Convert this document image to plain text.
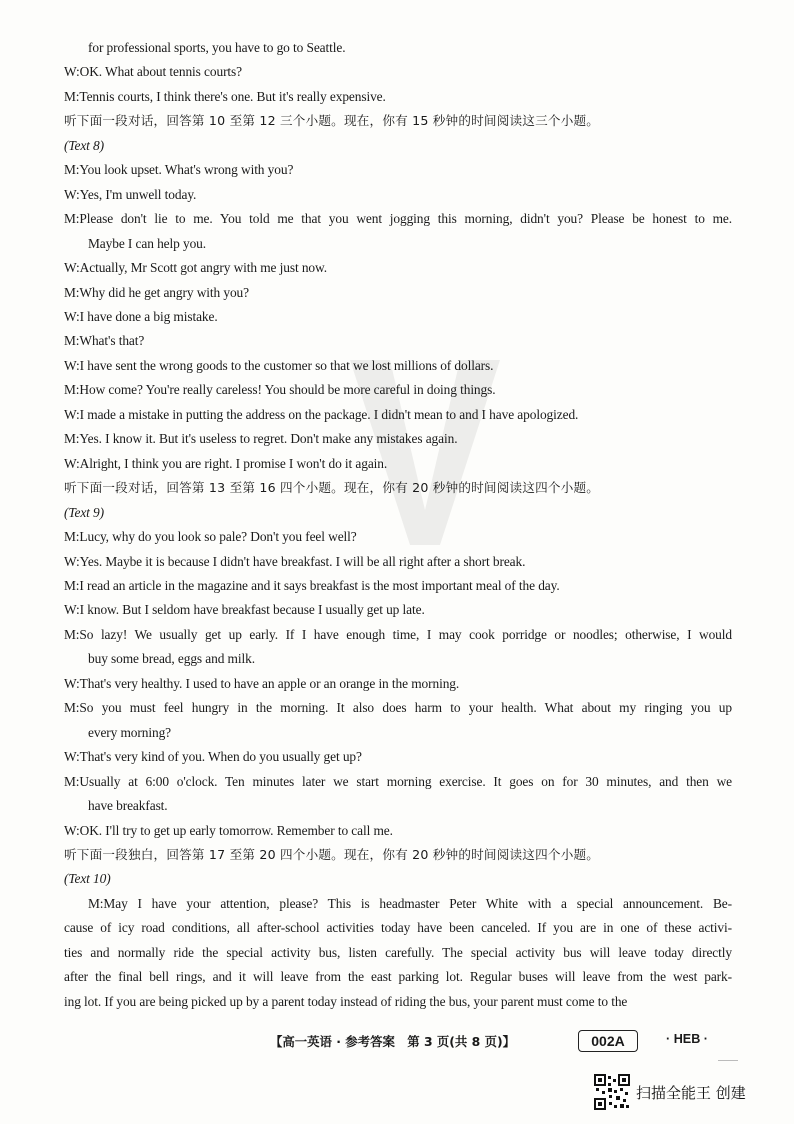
for professional sports, you have to go to Seattle.
W:OK. What about tennis courts?
M:Tennis courts, I think there's one. But it's really expensive.
听下面一段对话，回答第 10 至第 12 三个小题。现在，你有 15 秒钟的时间阅读这三个小题。
(Text 8)
M:You look upset. What's wrong with you?
W:Yes, I'm unwell today.
M:Please don't lie to me. You told me that you went jogging this morning, didn't you? Please be honest to me.
Maybe I can help you.
W:Actually, Mr Scott got angry with me just now.
M:Why did he get angry with you?
W:I have done a big mistake.
M:What's that?
W:I have sent the wrong goods to the customer so that we lost millions of dollars.
M:How come? You're really careless! You should be more careful in doing things.
W:I made a mistake in putting the address on the package. I didn't mean to and I have apologized.
M:Yes. I know it. But it's useless to regret. Don't make any mistakes again.
W:Alright, I think you are right. I promise I won't do it again.
听下面一段对话，回答第 13 至第 16 四个小题。现在，你有 20 秒钟的时间阅读这四个小题。
(Text 9)
M:Lucy, why do you look so pale? Don't you feel well?
W:Yes. Maybe it is because I didn't have breakfast. I will be all right after a short break.
M:I read an article in the magazine and it says breakfast is the most important meal of the day.
W:I know. But I seldom have breakfast because I usually get up late.
M:So lazy! We usually get up early. If I have enough time, I may cook porridge or noodles; otherwise, I would
buy some bread, eggs and milk.
W:That's very healthy. I used to have an apple or an orange in the morning.
M:So you must feel hungry in the morning. It also does harm to your health. What about my ringing you up
every morning?
W:That's very kind of you. When do you usually get up?
M:Usually at 6:00 o'clock. Ten minutes later we start morning exercise. It goes on for 30 minutes, and then we
have breakfast.
W:OK. I'll try to get up early tomorrow. Remember to call me.
听下面一段独白，回答第 17 至第 20 四个小题。现在，你有 20 秒钟的时间阅读这四个小题。
(Text 10)
M:May I have your attention, please? This is headmaster Peter White with a special announcement. Be-
cause of icy road conditions, all after-school activities today have been canceled. If you are in one of these activi-
ties and normally ride the special activity bus, listen carefully. The special activity bus will leave today directly
after the final bell rings, and it will leave from the east parking lot. Regular buses will leave from the west park-
ing lot. If you are being picked up by a parent today instead of riding the bus, your parent must come to the
【高一英语 · 参考答案　第 3 页(共 8 页)】	002A	· HEB ·
扫描全能王 创建
